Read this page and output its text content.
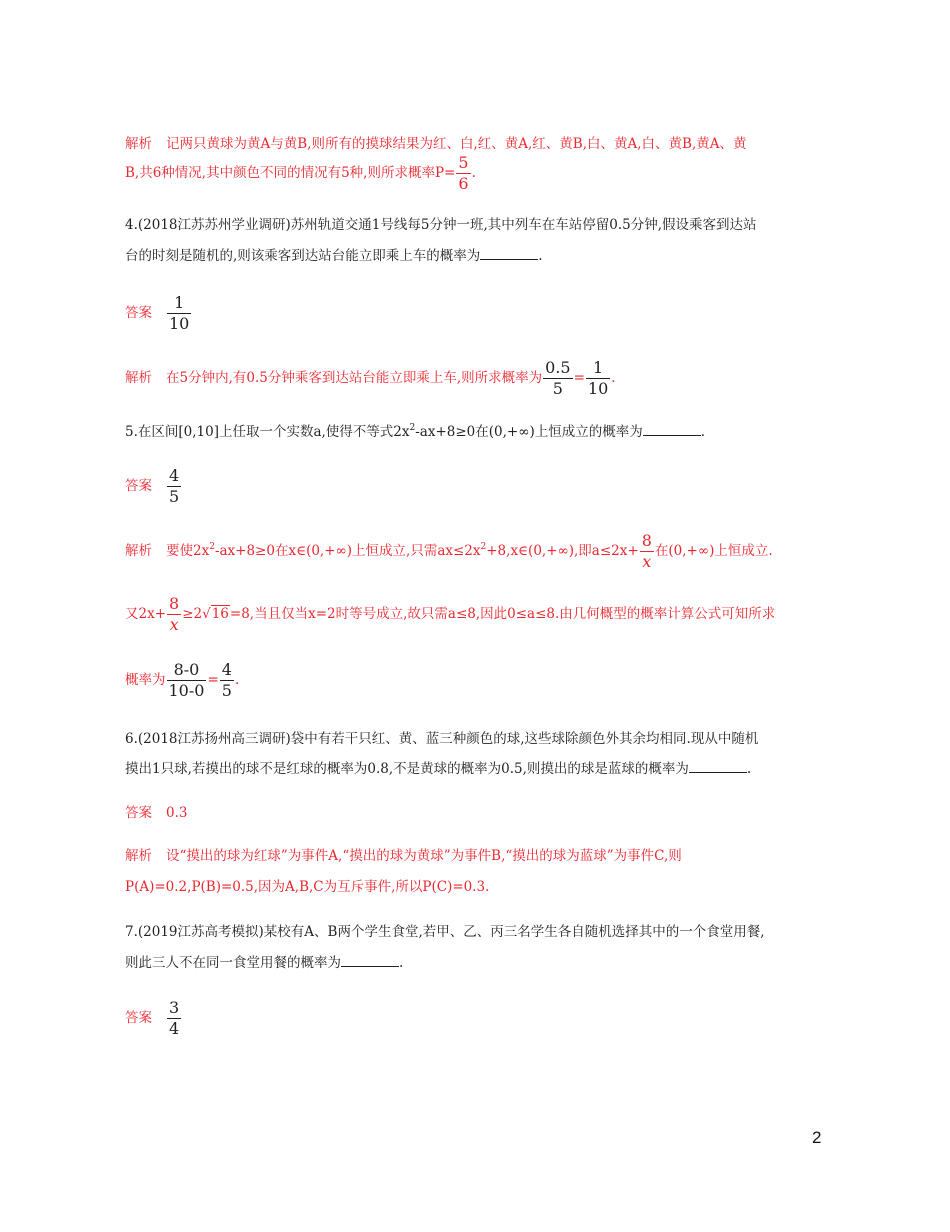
解析 记两只黄球为黄A与黄B,则所有的摸球结果为红、白,红、黄A,红、黄B,白、黄A,白、黄B,黄A、黄
B,共6种情况,其中颜色不同的情况有5种,则所求概率$P= \frac{5}{6}$ .
4.(2018江苏苏州学业调研)苏州轨道交通1号线每5分钟一班,其中列车在车站停留0.5分钟,假设乘客到达站
台的时刻是随机的,则该乘客到达站台能立即乘上车的概率为	.
答案 $\frac{1}{10}$
解析 在5分钟内,有0.5分钟乘客到达站台能立即乘上车,则所求概率为 $\frac{0.5}{5} = \frac{1}{10}$ .
5.在区间[0,10]上任取一个实数a,使得不等式$2x^2-ax+8\ge 0$在(0,+∞)上恒成立的概率为	.
答案 $\frac{4}{5}$
解析 要使$2x^2-ax+8\ge 0$在x∈(0,+∞)上恒成立,只需$ax\le 2x^2+8,x\in(0,+\infty)$,即$a\le 2x+ \frac{8}{x}$ 在(0,+∞)上恒成立.
又$2x+ \frac{8}{x} \ge 2√16=8$,当且仅当x=2时等号成立,故只需a≤8,因此0≤a≤8.由几何概型的概率计算公式可知所求
概率为 $\frac{8-0}{10-0} = \frac{4}{5}$ .
6.(2018江苏扬州高三调研)袋中有若干只红、黄、蓝三种颜色的球,这些球除颜色外其余均相同.现从中随机
摸出1只球,若摸出的球不是红球的概率为0.8,不是黄球的概率为0.5,则摸出的球是蓝球的概率为	.
答案 0.3
解析 设“摸出的球为红球”为事件A,“摸出的球为黄球”为事件B,“摸出的球为蓝球”为事件C,则
P(A)=0.2,P(B)=0.5,因为A,B,C为互斥事件,所以P(C)=0.3.
7.(2019江苏高考模拟)某校有A、B两个学生食堂,若甲、乙、丙三名学生各自随机选择其中的一个食堂用餐,
则此三人不在同一食堂用餐的概率为	.
答案 $\frac{3}{4}$
2
